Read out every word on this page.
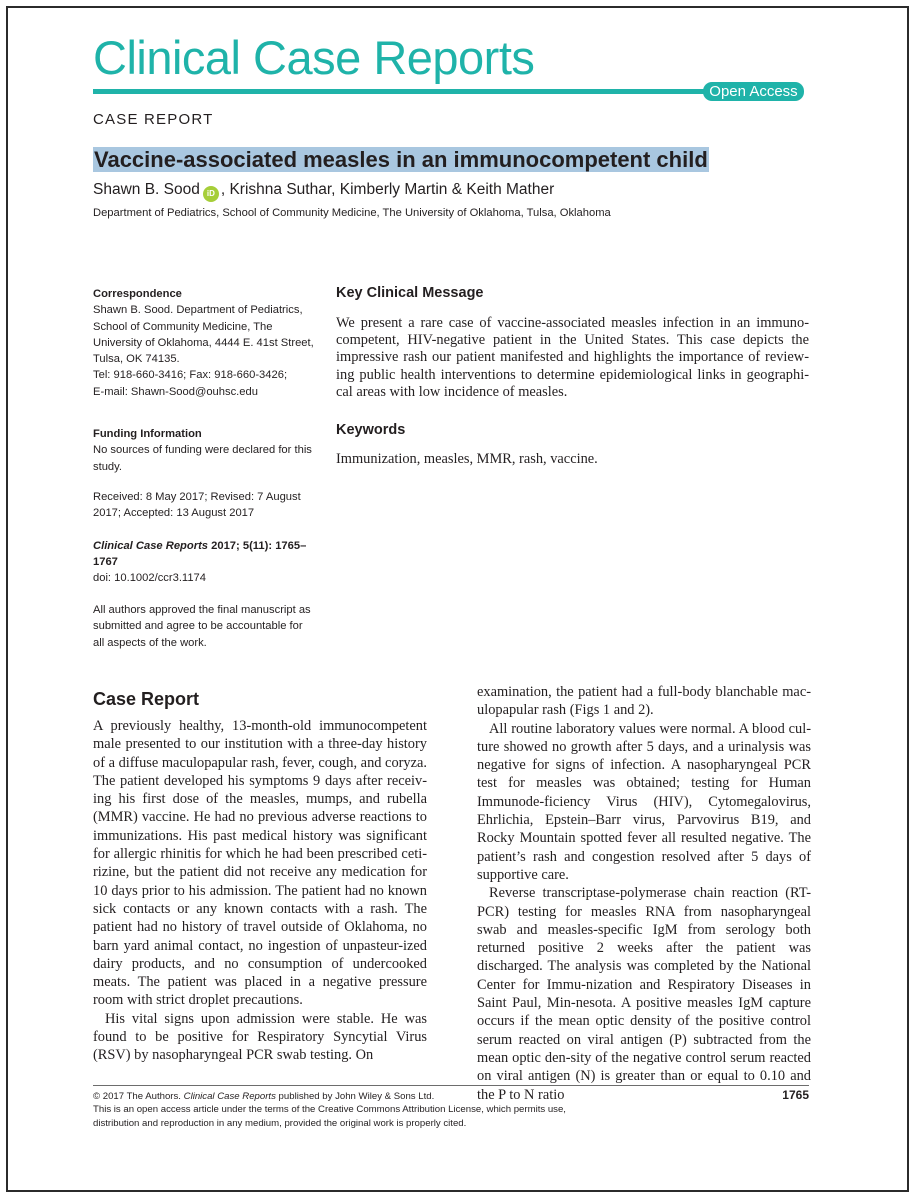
Clinical Case Reports
Open Access
CASE REPORT
Vaccine-associated measles in an immunocompetent child
Shawn B. Sood iD , Krishna Suthar, Kimberly Martin & Keith Mather
Department of Pediatrics, School of Community Medicine, The University of Oklahoma, Tulsa, Oklahoma
Correspondence
Shawn B. Sood. Department of Pediatrics,
School of Community Medicine, The
University of Oklahoma, 4444 E. 41st Street,
Tulsa, OK 74135.
Tel: 918-660-3416; Fax: 918-660-3426;
E-mail: Shawn-Sood@ouhsc.edu
Funding Information
No sources of funding were declared for this
study.
Received: 8 May 2017; Revised: 7 August
2017; Accepted: 13 August 2017
Clinical Case Reports 2017; 5(11): 1765–1767
doi: 10.1002/ccr3.1174
All authors approved the final manuscript as
submitted and agree to be accountable for
all aspects of the work.
Key Clinical Message
We present a rare case of vaccine-associated measles infection in an immuno-competent, HIV-negative patient in the United States. This case depicts the impressive rash our patient manifested and highlights the importance of review-ing public health interventions to determine epidemiological links in geographi-cal areas with low incidence of measles.
Keywords
Immunization, measles, MMR, rash, vaccine.
Case Report

A previously healthy, 13-month-old immunocompetent male presented to our institution with a three-day history of a diffuse maculopapular rash, fever, cough, and coryza. The patient developed his symptoms 9 days after receiv-ing his first dose of the measles, mumps, and rubella (MMR) vaccine. He had no previous adverse reactions to immunizations. His past medical history was significant for allergic rhinitis for which he had been prescribed ceti-rizine, but the patient did not receive any medication for 10 days prior to his admission. The patient had no known sick contacts or any known contacts with a rash. The patient had no history of travel outside of Oklahoma, no barn yard animal contact, no ingestion of unpasteur-ized dairy products, and no consumption of undercooked meats. The patient was placed in a negative pressure room with strict droplet precautions.

His vital signs upon admission were stable. He was found to be positive for Respiratory Syncytial Virus (RSV) by nasopharyngeal PCR swab testing. On

examination, the patient had a full-body blanchable mac-ulopapular rash (Figs 1 and 2).

All routine laboratory values were normal. A blood cul-ture showed no growth after 5 days, and a urinalysis was negative for signs of infection. A nasopharyngeal PCR test for measles was obtained; testing for Human Immunode-ficiency Virus (HIV), Cytomegalovirus, Ehrlichia, Epstein–Barr virus, Parvovirus B19, and Rocky Mountain spotted fever all resulted negative. The patient’s rash and congestion resolved after 5 days of supportive care.

Reverse transcriptase-polymerase chain reaction (RT-PCR) testing for measles RNA from nasopharyngeal swab and measles-specific IgM from serology both returned positive 2 weeks after the patient was discharged. The analysis was completed by the National Center for Immu-nization and Respiratory Diseases in Saint Paul, Min-nesota. A positive measles IgM capture occurs if the mean optic density of the positive control serum reacted on viral antigen (P) subtracted from the mean optic den-sity of the negative control serum reacted on viral antigen (N) is greater than or equal to 0.10 and the P to N ratio

© 2017 The Authors. Clinical Case Reports published by John Wiley & Sons Ltd.
This is an open access article under the terms of the Creative Commons Attribution License, which permits use,
distribution and reproduction in any medium, provided the original work is properly cited.
1765
